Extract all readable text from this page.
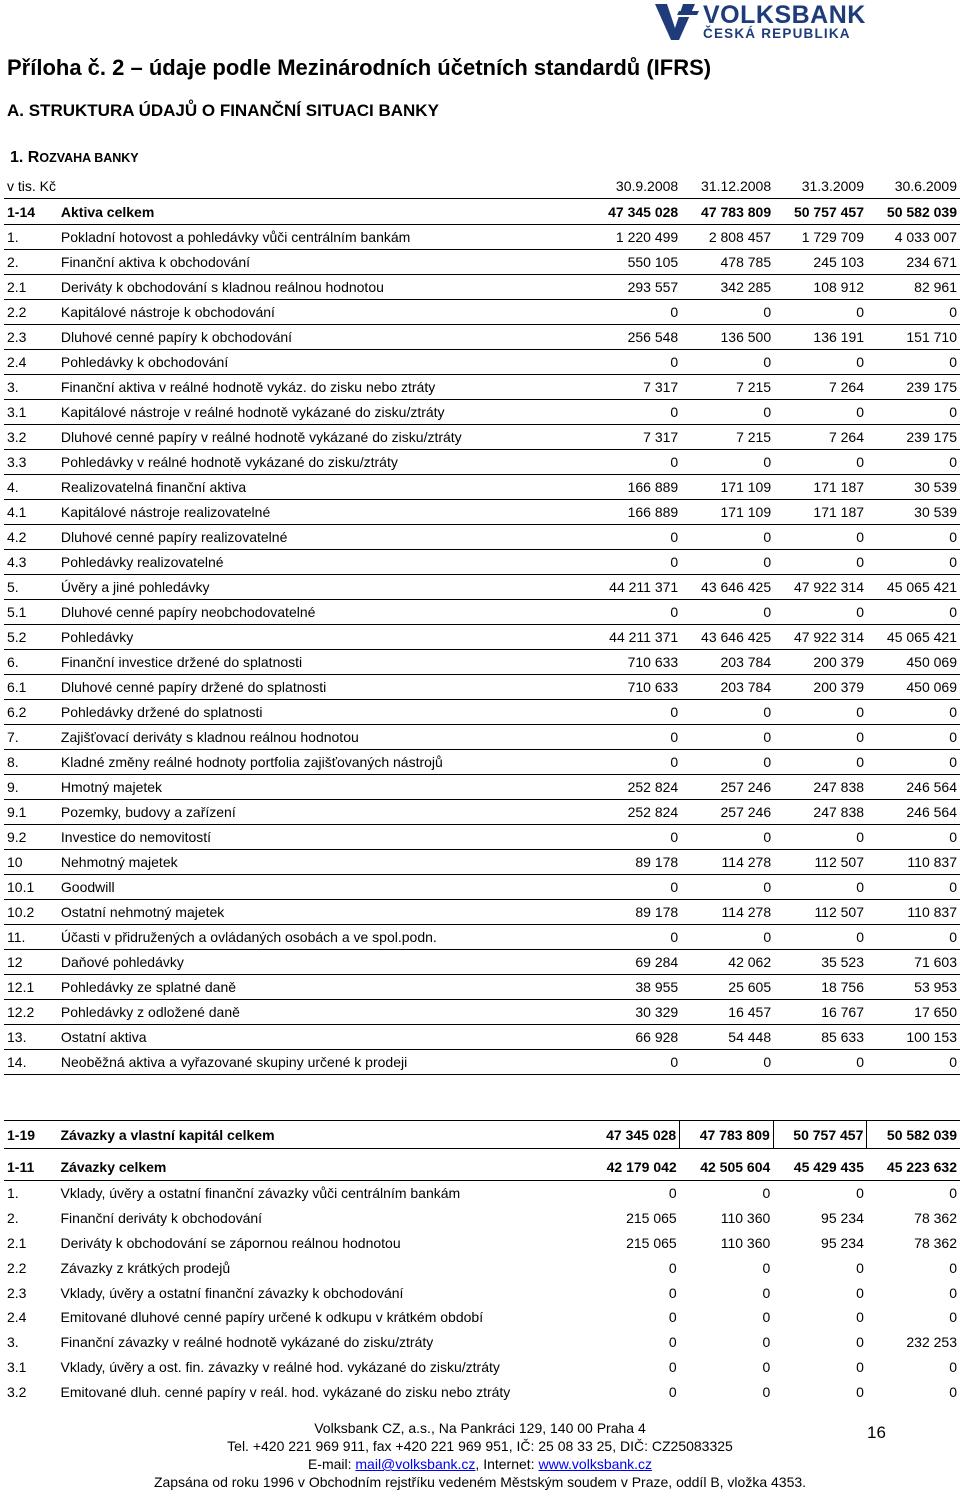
VOLKSBANK
ČESKÁ REPUBLIKA
Příloha č. 2 – údaje podle Mezinárodních účetních standardů (IFRS)
A. STRUKTURA ÚDAJŮ O FINANČNÍ SITUACI BANKY
1. ROZVAHA BANKY
v tis. Kč		30.9.2008	31.12.2008	31.3.2009	30.6.2009
1-14	Aktiva celkem	47 345 028	47 783 809	50 757 457	50 582 039
1.	Pokladní hotovost a pohledávky vůči centrálním bankám	1 220 499	2 808 457	1 729 709	4 033 007
2.	Finanční aktiva k obchodování	550 105	478 785	245 103	234 671
2.1	Deriváty k obchodování s kladnou reálnou hodnotou	293 557	342 285	108 912	82 961
2.2	Kapitálové nástroje k obchodování	0	0	0	0
2.3	Dluhové cenné papíry k obchodování	256 548	136 500	136 191	151 710
2.4	Pohledávky k obchodování	0	0	0	0
3.	Finanční aktiva v reálné hodnotě vykáz. do zisku nebo ztráty	7 317	7 215	7 264	239 175
3.1	Kapitálové nástroje v reálné hodnotě vykázané do zisku/ztráty	0	0	0	0
3.2	Dluhové cenné papíry v reálné hodnotě vykázané do zisku/ztráty	7 317	7 215	7 264	239 175
3.3	Pohledávky v reálné hodnotě vykázané do zisku/ztráty	0	0	0	0
4.	Realizovatelná finanční aktiva	166 889	171 109	171 187	30 539
4.1	Kapitálové nástroje realizovatelné	166 889	171 109	171 187	30 539
4.2	Dluhové cenné papíry realizovatelné	0	0	0	0
4.3	Pohledávky realizovatelné	0	0	0	0
5.	Úvěry a jiné pohledávky	44 211 371	43 646 425	47 922 314	45 065 421
5.1	Dluhové cenné papíry neobchodovatelné	0	0	0	0
5.2	Pohledávky	44 211 371	43 646 425	47 922 314	45 065 421
6.	Finanční investice držené do splatnosti	710 633	203 784	200 379	450 069
6.1	Dluhové cenné papíry držené do splatnosti	710 633	203 784	200 379	450 069
6.2	Pohledávky držené do splatnosti	0	0	0	0
7.	Zajišťovací deriváty s kladnou reálnou hodnotou	0	0	0	0
8.	Kladné změny reálné hodnoty portfolia zajišťovaných nástrojů	0	0	0	0
9.	Hmotný majetek	252 824	257 246	247 838	246 564
9.1	Pozemky, budovy a zařízení	252 824	257 246	247 838	246 564
9.2	Investice do nemovitostí	0	0	0	0
10	Nehmotný majetek	89 178	114 278	112 507	110 837
10.1	Goodwill	0	0	0	0
10.2	Ostatní nehmotný majetek	89 178	114 278	112 507	110 837
11.	Účasti v přidružených a ovládaných osobách a ve spol.podn.	0	0	0	0
12	Daňové pohledávky	69 284	42 062	35 523	71 603
12.1	Pohledávky ze splatné daně	38 955	25 605	18 756	53 953
12.2	Pohledávky z odložené daně	30 329	16 457	16 767	17 650
13.	Ostatní aktiva	66 928	54 448	85 633	100 153
14.	Neoběžná aktiva a vyřazované skupiny určené k prodeji	0	0	0	0
1-19	Závazky a vlastní kapitál celkem	47 345 028	47 783 809	50 757 457	50 582 039

1-11	Závazky celkem	42 179 042	42 505 604	45 429 435	45 223 632
1.	Vklady, úvěry a ostatní finanční závazky vůči centrálním bankám	0	0	0	0
2.	Finanční deriváty k obchodování	215 065	110 360	95 234	78 362
2.1	Deriváty k obchodování se zápornou reálnou hodnotou	215 065	110 360	95 234	78 362
2.2	Závazky z krátkých prodejů	0	0	0	0
2.3	Vklady, úvěry a ostatní finanční závazky k obchodování	0	0	0	0
2.4	Emitované dluhové cenné papíry určené k odkupu v krátkém období	0	0	0	0
3.	Finanční závazky v reálné hodnotě vykázané do zisku/ztráty	0	0	0	232 253
3.1	Vklady, úvěry a ost. fin. závazky v reálné hod. vykázané do zisku/ztráty	0	0	0	0
3.2	Emitované dluh. cenné papíry v reál. hod. vykázané do zisku nebo ztráty	0	0	0	0
Volksbank CZ, a.s., Na Pankráci 129, 140 00 Praha 4
Tel. +420 221 969 911, fax +420 221 969 951, IČ: 25 08 33 25, DIČ: CZ25083325
E-mail: mail@volksbank.cz, Internet: www.volksbank.cz
Zapsána od roku 1996 v Obchodním rejstříku vedeném Městským soudem v Praze, oddíl B, vložka 4353.
16
